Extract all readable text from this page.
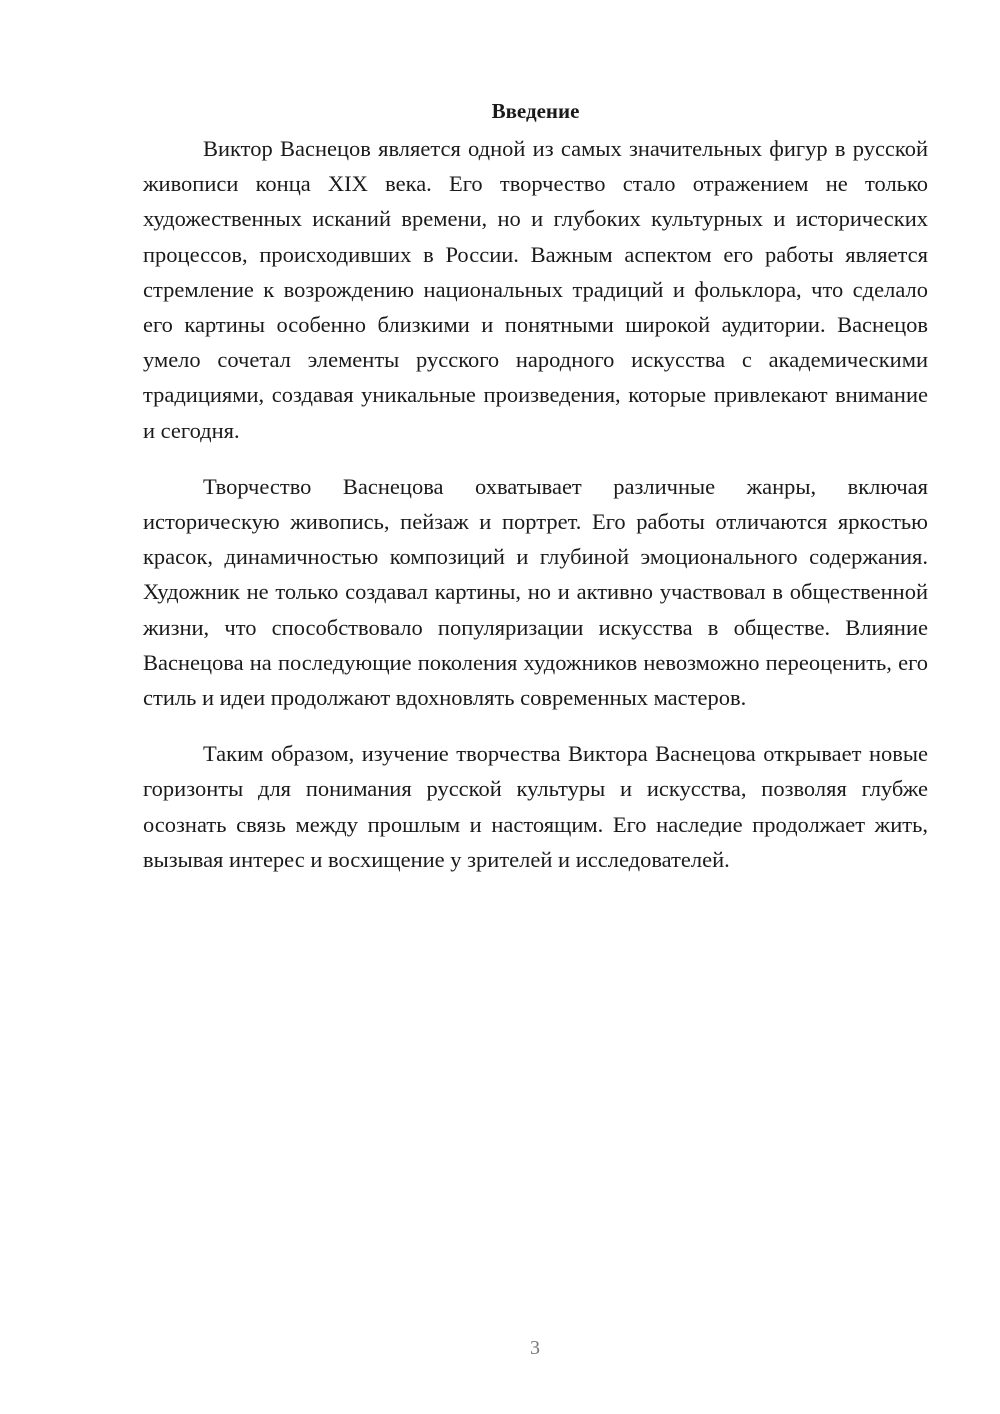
Введение

Виктор Васнецов является одной из самых значительных фигур в русской живописи конца XIX века. Его творчество стало отражением не только художественных исканий времени, но и глубоких культурных и исторических процессов, происходивших в России. Важным аспектом его работы является стремление к возрождению национальных традиций и фольклора, что сделало его картины особенно близкими и понятными широкой аудитории. Васнецов умело сочетал элементы русского народного искусства с академическими традициями, создавая уникальные произведения, которые привлекают внимание и сегодня.

Творчество Васнецова охватывает различные жанры, включая историческую живопись, пейзаж и портрет. Его работы отличаются яркостью красок, динамичностью композиций и глубиной эмоционального содержания. Художник не только создавал картины, но и активно участвовал в общественной жизни, что способствовало популяризации искусства в обществе. Влияние Васнецова на последующие поколения художников невозможно переоценить, его стиль и идеи продолжают вдохновлять современных мастеров.

Таким образом, изучение творчества Виктора Васнецова открывает новые горизонты для понимания русской культуры и искусства, позволяя глубже осознать связь между прошлым и настоящим. Его наследие продолжает жить, вызывая интерес и восхищение у зрителей и исследователей.

3
